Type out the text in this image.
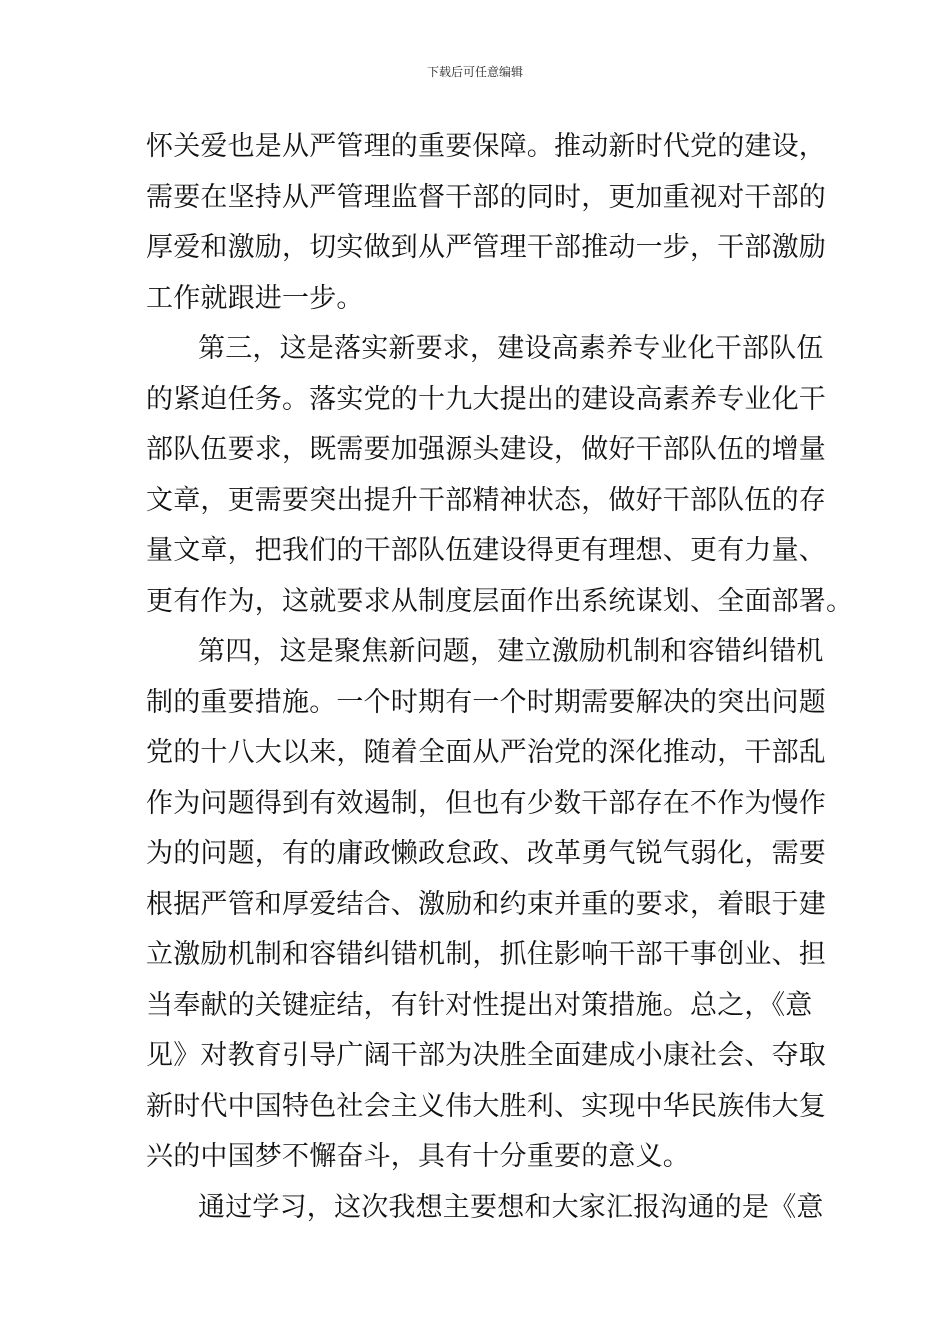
下载后可任意编辑
怀关爱也是从严管理的重要保障。推动新时代党的建设，
需要在坚持从严管理监督干部的同时，更加重视对干部的
厚爱和激励，切实做到从严管理干部推动一步，干部激励
工作就跟进一步。
第三，这是落实新要求，建设高素养专业化干部队伍
的紧迫任务。落实党的十九大提出的建设高素养专业化干
部队伍要求，既需要加强源头建设，做好干部队伍的增量
文章，更需要突出提升干部精神状态，做好干部队伍的存
量文章，把我们的干部队伍建设得更有理想、更有力量、
更有作为，这就要求从制度层面作出系统谋划、全面部署。
第四，这是聚焦新问题，建立激励机制和容错纠错机
制的重要措施。一个时期有一个时期需要解决的突出问题
党的十八大以来，随着全面从严治党的深化推动，干部乱
作为问题得到有效遏制，但也有少数干部存在不作为慢作
为的问题，有的庸政懒政怠政、改革勇气锐气弱化，需要
根据严管和厚爱结合、激励和约束并重的要求，着眼于建
立激励机制和容错纠错机制，抓住影响干部干事创业、担
当奉献的关键症结，有针对性提出对策措施。总之，《意
见》对教育引导广阔干部为决胜全面建成小康社会、夺取
新时代中国特色社会主义伟大胜利、实现中华民族伟大复
兴的中国梦不懈奋斗，具有十分重要的意义。
通过学习，这次我想主要想和大家汇报沟通的是《意
